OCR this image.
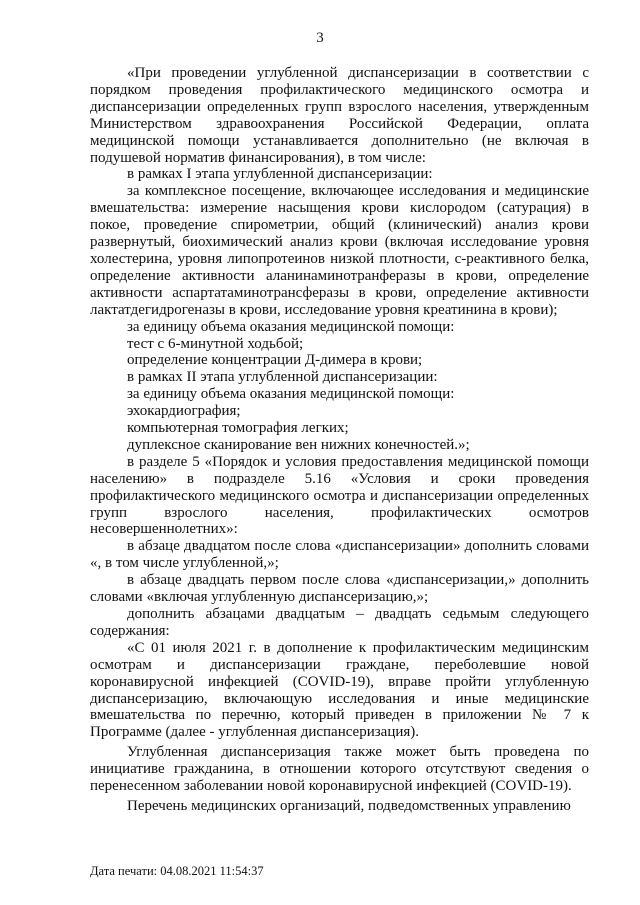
3

«При проведении углубленной диспансеризации в соответствии с порядком проведения профилактического медицинского осмотра и диспансеризации определенных групп взрослого населения, утвержденным Министерством здравоохранения Российской Федерации, оплата медицинской помощи устанавливается дополнительно (не включая в подушевой норматив финансирования), в том числе:

в рамках I этапа углубленной диспансеризации:

за комплексное посещение, включающее исследования и медицинские вмешательства: измерение насыщения крови кислородом (сатурация) в покое, проведение спирометрии, общий (клинический) анализ крови развернутый, биохимический анализ крови (включая исследование уровня холестерина, уровня липопротеинов низкой плотности, с-реактивного белка, определение активности аланинаминотранферазы в крови, определение активности аспартатаминотрансферазы в крови, определение активности лактатдегидрогеназы в крови, исследование уровня креатинина в крови);

за единицу объема оказания медицинской помощи:

тест с 6-минутной ходьбой;

определение концентрации Д-димера в крови;

в рамках II этапа углубленной диспансеризации:

за единицу объема оказания медицинской помощи:

эхокардиография;

компьютерная томография легких;

дуплексное сканирование вен нижних конечностей.»;

в разделе 5 «Порядок и условия предоставления медицинской помощи населению» в подразделе 5.16 «Условия и сроки проведения профилактического медицинского осмотра и диспансеризации определенных групп взрослого населения, профилактических осмотров несовершеннолетних»:

в абзаце двадцатом после слова «диспансеризации» дополнить словами «, в том числе углубленной,»;

в абзаце двадцать первом после слова «диспансеризации,» дополнить словами «включая углубленную диспансеризацию,»;

дополнить абзацами двадцатым – двадцать седьмым следующего содержания:

«С 01 июля 2021 г. в дополнение к профилактическим медицинским осмотрам и диспансеризации граждане, переболевшие новой коронавирусной инфекцией (COVID-19), вправе пройти углубленную диспансеризацию, включающую исследования и иные медицинские вмешательства по перечню, который приведен в приложении № 7 к Программе (далее - углубленная диспансеризация).

Углубленная диспансеризация также может быть проведена по инициативе гражданина, в отношении которого отсутствуют сведения о перенесенном заболевании новой коронавирусной инфекцией (COVID-19).

Перечень медицинских организаций, подведомственных управлению

Дата печати: 04.08.2021 11:54:37
